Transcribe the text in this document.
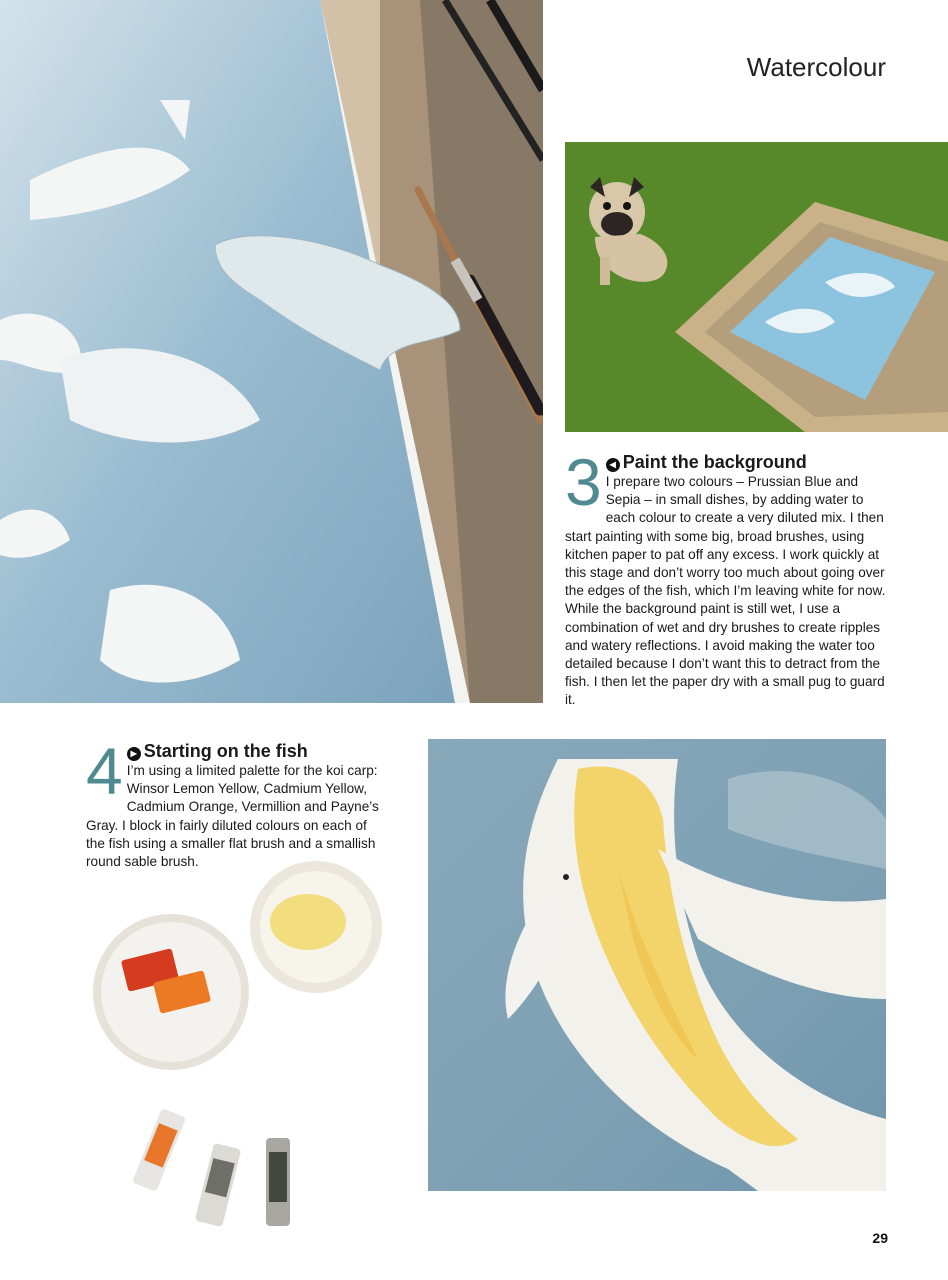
Watercolour
3 ◀ Paint the background
I prepare two colours – Prussian Blue and Sepia – in small dishes, by adding water to each colour to create a very diluted mix. I then start painting with some big, broad brushes, using kitchen paper to pat off any excess. I work quickly at this stage and don’t worry too much about going over the edges of the fish, which I’m leaving white for now. While the background paint is still wet, I use a combination of wet and dry brushes to create ripples and watery reflections. I avoid making the water too detailed because I don’t want this to detract from the fish. I then let the paper dry with a small pug to guard it.
4 ▶ Starting on the fish
I’m using a limited palette for the koi carp: Winsor Lemon Yellow, Cadmium Yellow, Cadmium Orange, Vermillion and Payne’s Gray. I block in fairly diluted colours on each of the fish using a smaller flat brush and a smallish round sable brush.
29
